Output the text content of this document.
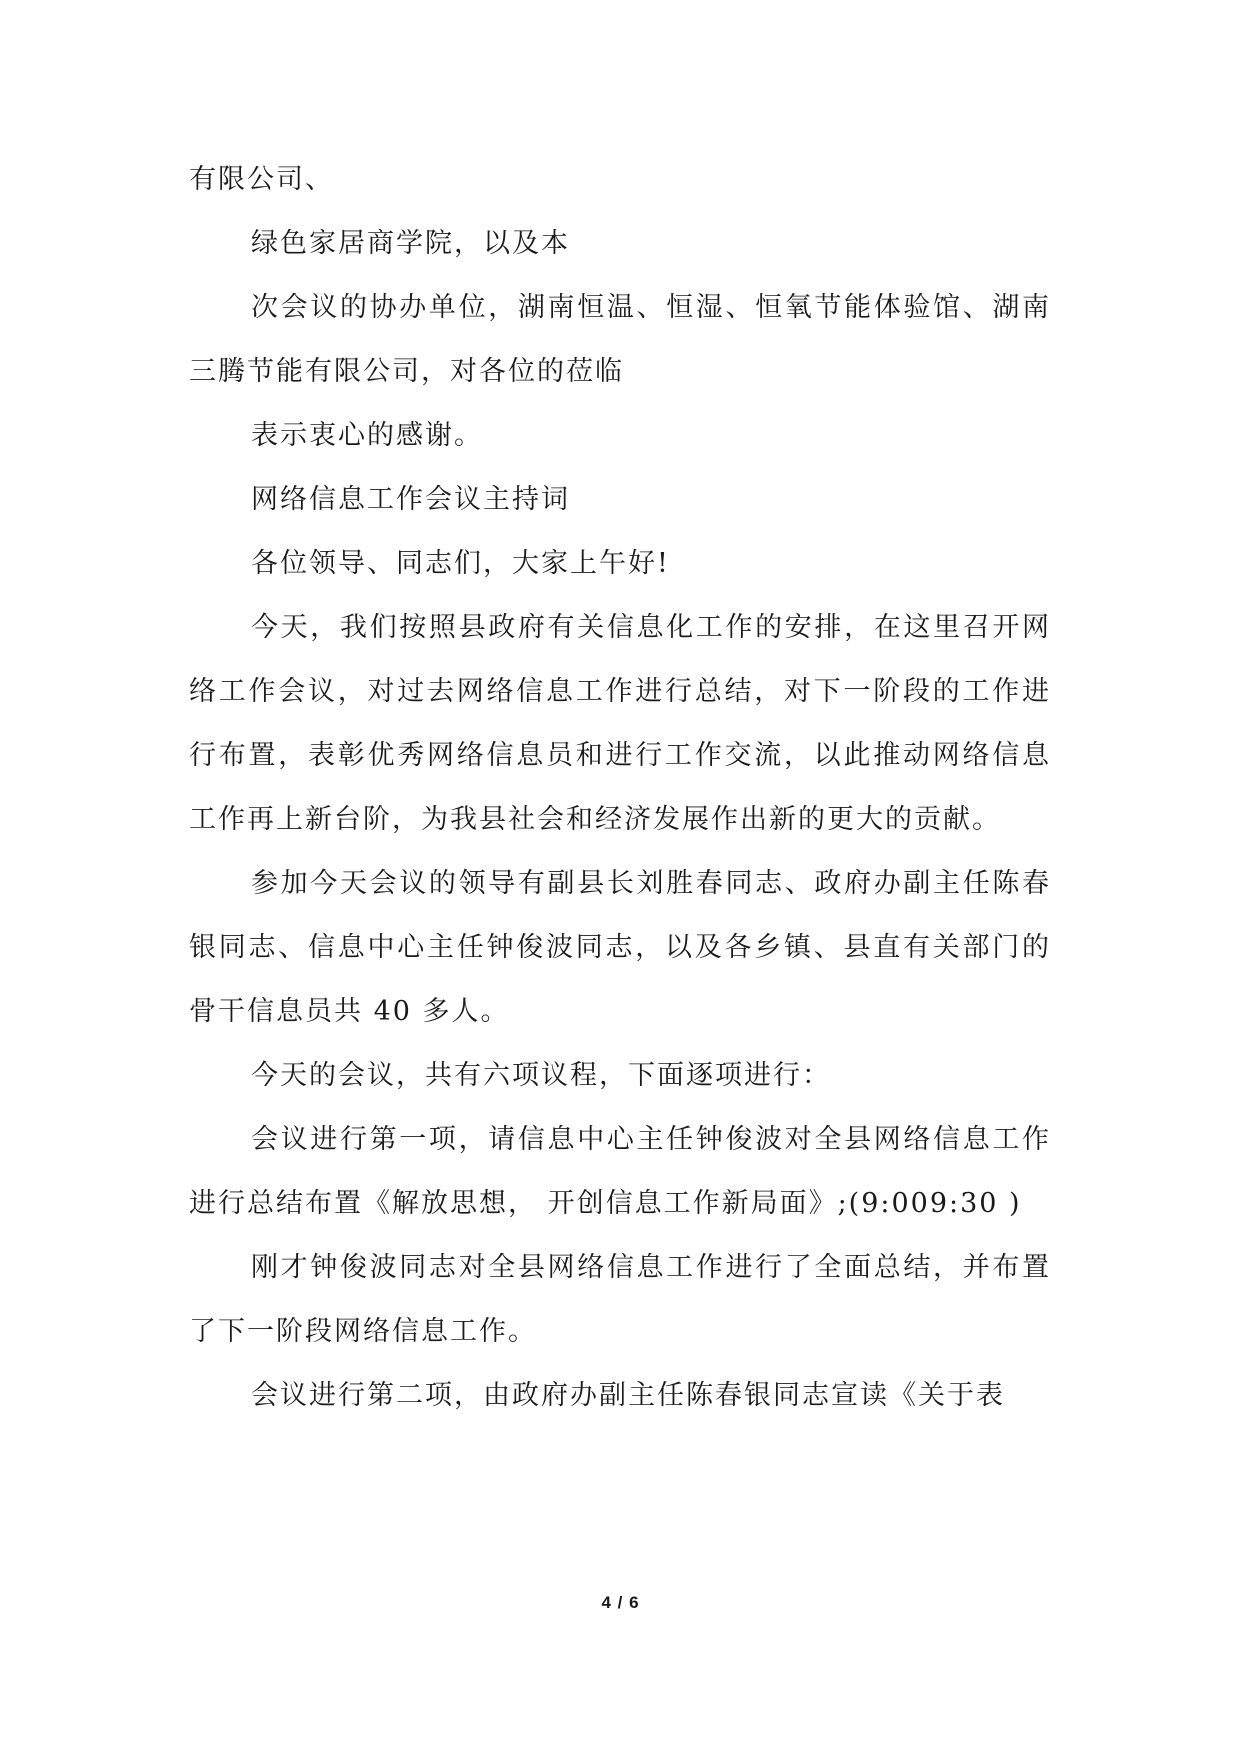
有限公司、

绿色家居商学院，以及本

次会议的协办单位，湖南恒温、恒湿、恒氧节能体验馆、湖南三腾节能有限公司，对各位的莅临

表示衷心的感谢。

网络信息工作会议主持词

各位领导、同志们，大家上午好!

今天，我们按照县政府有关信息化工作的安排，在这里召开网络工作会议，对过去网络信息工作进行总结，对下一阶段的工作进行布置，表彰优秀网络信息员和进行工作交流，以此推动网络信息工作再上新台阶，为我县社会和经济发展作出新的更大的贡献。

参加今天会议的领导有副县长刘胜春同志、政府办副主任陈春银同志、信息中心主任钟俊波同志，以及各乡镇、县直有关部门的骨干信息员共 40 多人。

今天的会议，共有六项议程，下面逐项进行：

会议进行第一项，请信息中心主任钟俊波对全县网络信息工作进行总结布置《解放思想， 开创信息工作新局面》;(9:009:30 )

刚才钟俊波同志对全县网络信息工作进行了全面总结，并布置了下一阶段网络信息工作。

会议进行第二项，由政府办副主任陈春银同志宣读《关于表

4 / 6
